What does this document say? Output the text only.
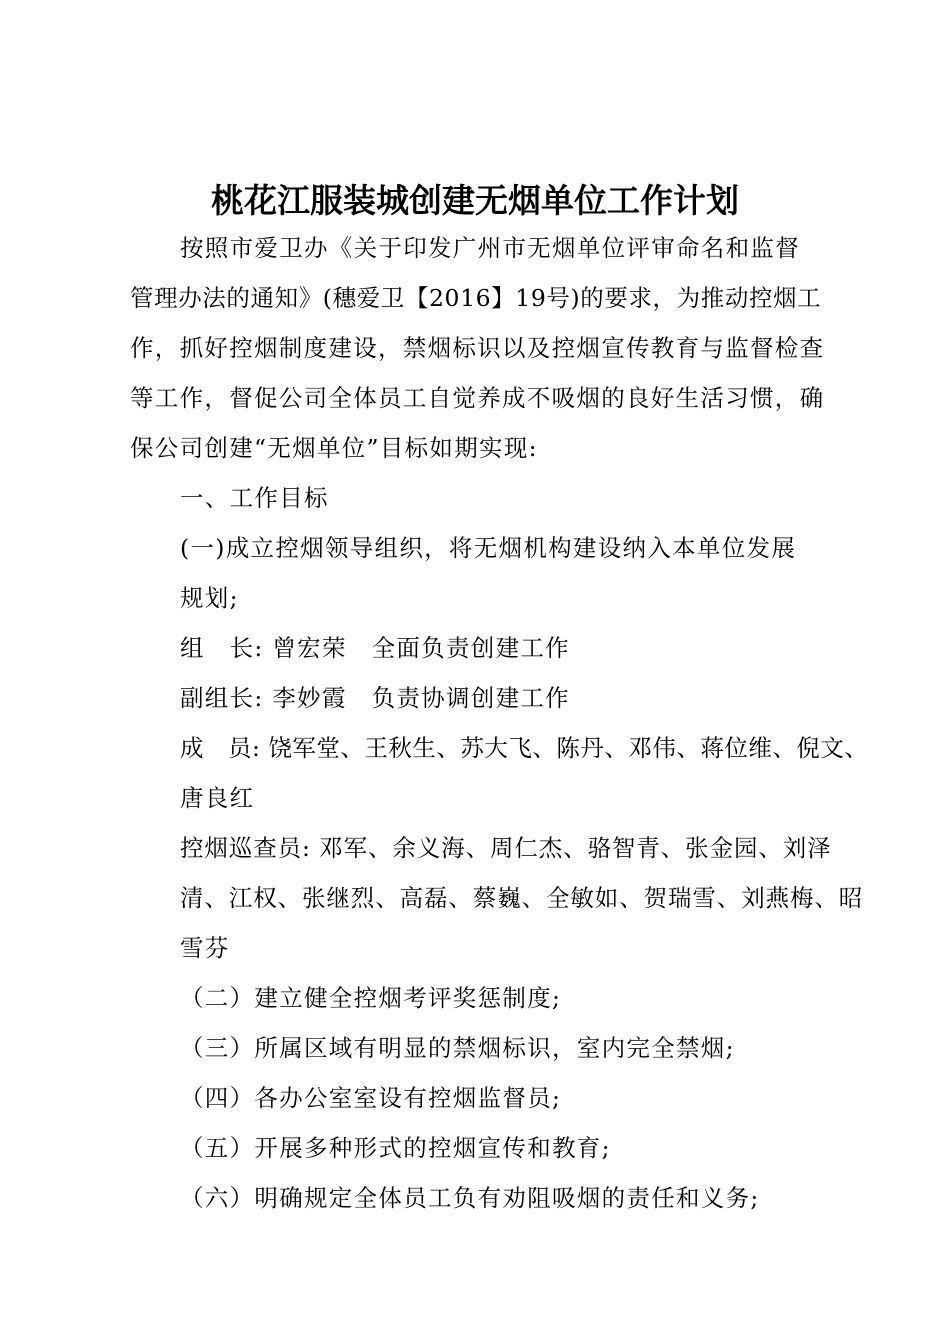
桃花江服装城创建无烟单位工作计划

按照市爱卫办《关于印发广州市无烟单位评审命名和监督

管理办法的通知》(穗爱卫【2016】19号)的要求，为推动控烟工

作，抓好控烟制度建设，禁烟标识以及控烟宣传教育与监督检查

等工作，督促公司全体员工自觉养成不吸烟的良好生活习惯，确

保公司创建“无烟单位”目标如期实现:

一、工作目标

(一)成立控烟领导组织，将无烟机构建设纳入本单位发展

规划;

组　长: 曾宏荣　全面负责创建工作

副组长: 李妙霞　负责协调创建工作

成　员: 饶军堂、王秋生、苏大飞、陈丹、邓伟、蒋位维、倪文、

唐良红

控烟巡查员: 邓军、余义海、周仁杰、骆智青、张金园、刘泽

清、江权、张继烈、高磊、蔡巍、全敏如、贺瑞雪、刘燕梅、昭

雪芬

（二）建立健全控烟考评奖惩制度;

（三）所属区域有明显的禁烟标识，室内完全禁烟;

（四）各办公室室设有控烟监督员;

（五）开展多种形式的控烟宣传和教育;

（六）明确规定全体员工负有劝阻吸烟的责任和义务;
